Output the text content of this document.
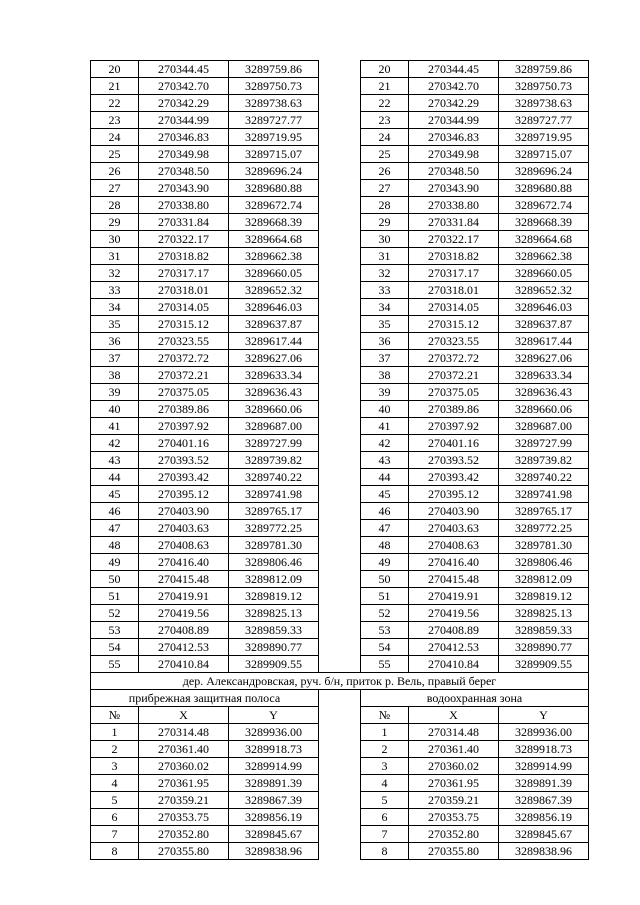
20	270344.45	3289759.86		20	270344.45	3289759.86
21	270342.70	3289750.73		21	270342.70	3289750.73
22	270342.29	3289738.63		22	270342.29	3289738.63
23	270344.99	3289727.77		23	270344.99	3289727.77
24	270346.83	3289719.95		24	270346.83	3289719.95
25	270349.98	3289715.07		25	270349.98	3289715.07
26	270348.50	3289696.24		26	270348.50	3289696.24
27	270343.90	3289680.88		27	270343.90	3289680.88
28	270338.80	3289672.74		28	270338.80	3289672.74
29	270331.84	3289668.39		29	270331.84	3289668.39
30	270322.17	3289664.68		30	270322.17	3289664.68
31	270318.82	3289662.38		31	270318.82	3289662.38
32	270317.17	3289660.05		32	270317.17	3289660.05
33	270318.01	3289652.32		33	270318.01	3289652.32
34	270314.05	3289646.03		34	270314.05	3289646.03
35	270315.12	3289637.87		35	270315.12	3289637.87
36	270323.55	3289617.44		36	270323.55	3289617.44
37	270372.72	3289627.06		37	270372.72	3289627.06
38	270372.21	3289633.34		38	270372.21	3289633.34
39	270375.05	3289636.43		39	270375.05	3289636.43
40	270389.86	3289660.06		40	270389.86	3289660.06
41	270397.92	3289687.00		41	270397.92	3289687.00
42	270401.16	3289727.99		42	270401.16	3289727.99
43	270393.52	3289739.82		43	270393.52	3289739.82
44	270393.42	3289740.22		44	270393.42	3289740.22
45	270395.12	3289741.98		45	270395.12	3289741.98
46	270403.90	3289765.17		46	270403.90	3289765.17
47	270403.63	3289772.25		47	270403.63	3289772.25
48	270408.63	3289781.30		48	270408.63	3289781.30
49	270416.40	3289806.46		49	270416.40	3289806.46
50	270415.48	3289812.09		50	270415.48	3289812.09
51	270419.91	3289819.12		51	270419.91	3289819.12
52	270419.56	3289825.13		52	270419.56	3289825.13
53	270408.89	3289859.33		53	270408.89	3289859.33
54	270412.53	3289890.77		54	270412.53	3289890.77
55	270410.84	3289909.55		55	270410.84	3289909.55
дер. Александровская, руч. б/н, приток р. Вель, правый берег						
прибрежная защитная полоса				водоохранная зона		
№	X	Y		№	X	Y
1	270314.48	3289936.00		1	270314.48	3289936.00
2	270361.40	3289918.73		2	270361.40	3289918.73
3	270360.02	3289914.99		3	270360.02	3289914.99
4	270361.95	3289891.39		4	270361.95	3289891.39
5	270359.21	3289867.39		5	270359.21	3289867.39
6	270353.75	3289856.19		6	270353.75	3289856.19
7	270352.80	3289845.67		7	270352.80	3289845.67
8	270355.80	3289838.96		8	270355.80	3289838.96
